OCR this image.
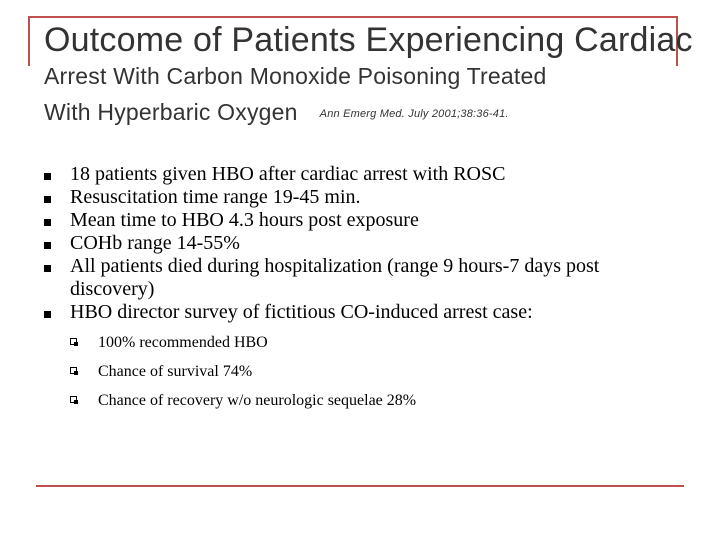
Outcome of Patients Experiencing Cardiac
Arrest With Carbon Monoxide Poisoning Treated
With Hyperbaric Oxygen Ann Emerg Med. July 2001;38:36-41.
18 patients given HBO after cardiac arrest with ROSC
Resuscitation time range 19-45 min.
Mean time to HBO 4.3 hours post exposure
COHb range 14-55%
All patients died during hospitalization (range 9 hours-7 days post discovery)
HBO director survey of fictitious CO-induced arrest case:
100% recommended HBO
Chance of survival 74%
Chance of recovery w/o neurologic sequelae 28%
